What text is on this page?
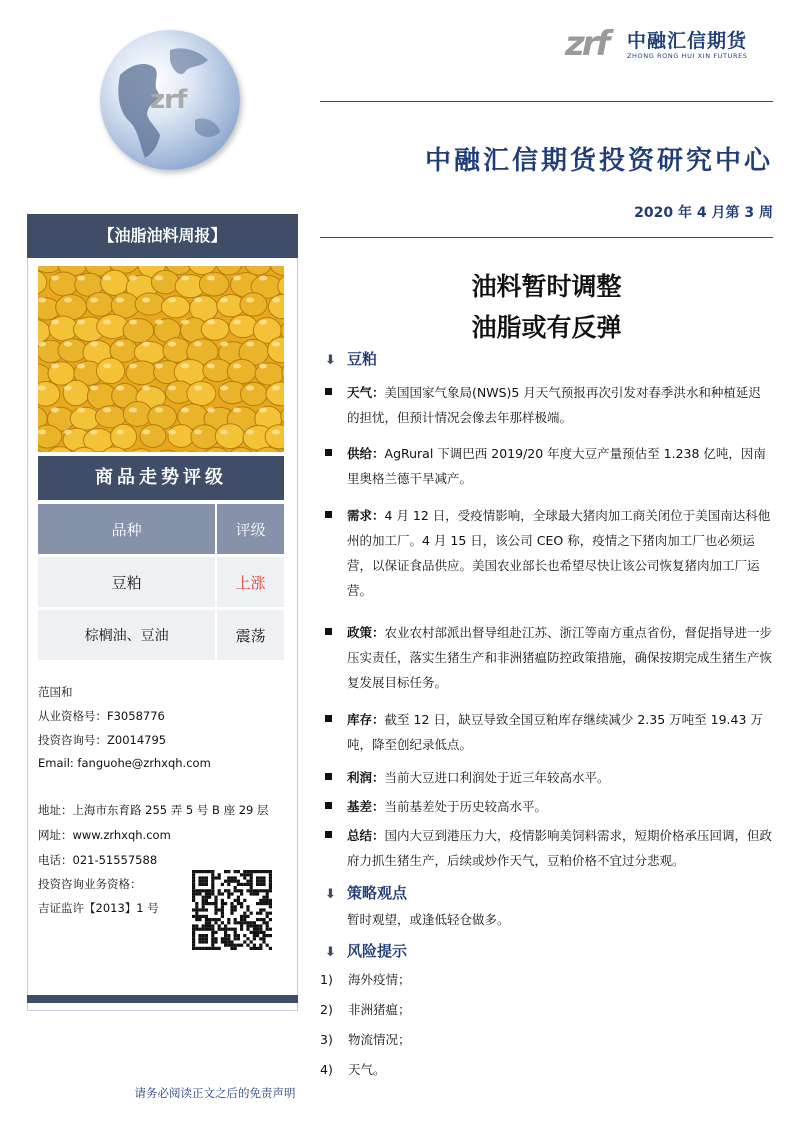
zrf
zrf 中融汇信期货
ZHONG RONG HUI XIN FUTURES
中融汇信期货投资研究中心
2020 年 4 月第 3 周
【油脂油料周报】
商品走势评级
品种	评级
豆粕	上涨
棕榈油、豆油	震荡
范国和
从业资格号：F3058776
投资咨询号：Z0014795
Email: fanguohe@zrhxqh.com
地址：上海市东育路 255 弄 5 号 B 座 29 层
网址：www.zrhxqh.com
电话：021-51557588
投资咨询业务资格：
吉证监许【2013】1 号
油料暂时调整
油脂或有反弹
⬇ 豆粕
天气：美国国家气象局(NWS)5 月天气预报再次引发对春季洪水和种植延迟的担忧，但预计情况会像去年那样极端。
供给：AgRural 下调巴西 2019/20 年度大豆产量预估至 1.238 亿吨，因南里奥格兰德干旱减产。
需求：4 月 12 日，受疫情影响，全球最大猪肉加工商关闭位于美国南达科他州的加工厂。4 月 15 日，该公司 CEO 称，疫情之下猪肉加工厂也必须运营，以保证食品供应。美国农业部长也希望尽快让该公司恢复猪肉加工厂运营。
政策：农业农村部派出督导组赴江苏、浙江等南方重点省份，督促指导进一步压实责任，落实生猪生产和非洲猪瘟防控政策措施，确保按期完成生猪生产恢复发展目标任务。
库存：截至 12 日，缺豆导致全国豆粕库存继续减少 2.35 万吨至 19.43 万吨，降至创纪录低点。
利润：当前大豆进口利润处于近三年较高水平。
基差：当前基差处于历史较高水平。
总结：国内大豆到港压力大，疫情影响美饲料需求，短期价格承压回调，但政府力抓生猪生产，后续或炒作天气，豆粕价格不宜过分悲观。
⬇ 策略观点
暂时观望，或逢低轻仓做多。
⬇ 风险提示
1) 海外疫情；
2) 非洲猪瘟；
3) 物流情况；
4) 天气。
请务必阅读正文之后的免责声明
